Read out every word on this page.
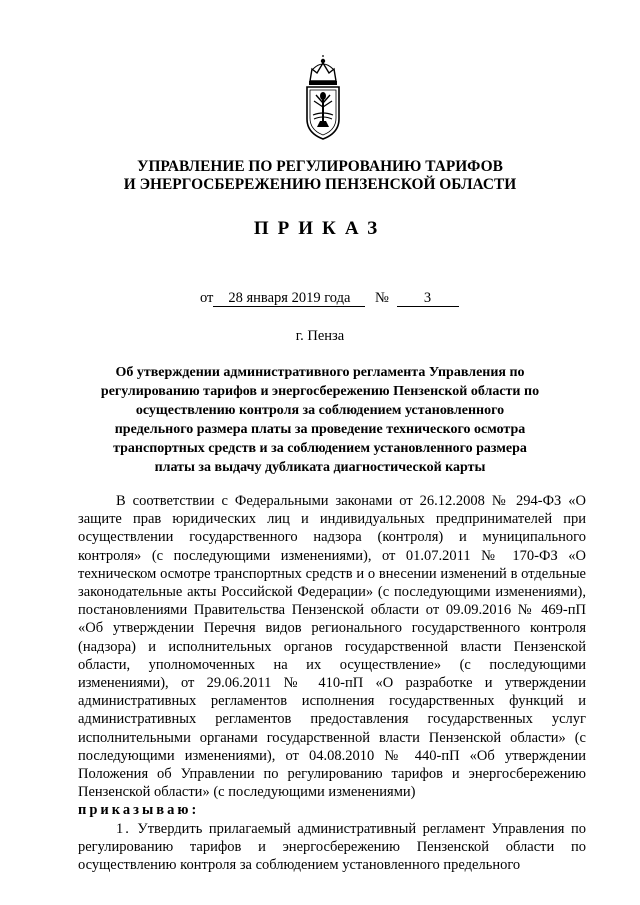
УПРАВЛЕНИЕ ПО РЕГУЛИРОВАНИЮ ТАРИФОВ
И ЭНЕРГОСБЕРЕЖЕНИЮ ПЕНЗЕНСКОЙ ОБЛАСТИ
ПРИКАЗ
от 28 января 2019 года № 3
г. Пенза
Об утверждении административного регламента Управления по регулированию тарифов и энергосбережению Пензенской области по осуществлению контроля за соблюдением установленного предельного размера платы за проведение технического осмотра транспортных средств и за соблюдением установленного размера платы за выдачу дубликата диагностической карты

В соответствии с Федеральными законами от 26.12.2008 № 294-ФЗ «О защите прав юридических лиц и индивидуальных предпринимателей при осуществлении государственного надзора (контроля) и муниципального контроля» (с последующими изменениями), от 01.07.2011 № 170-ФЗ «О техническом осмотре транспортных средств и о внесении изменений в отдельные законодательные акты Российской Федерации» (с последующими изменениями), постановлениями Правительства Пензенской области от 09.09.2016 № 469-пП «Об утверждении Перечня видов регионального государственного контроля (надзора) и исполнительных органов государственной власти Пензенской области, уполномоченных на их осуществление» (с последующими изменениями), от 29.06.2011 № 410-пП «О разработке и утверждении административных регламентов исполнения государственных функций и административных регламентов предоставления государственных услуг исполнительными органами государственной власти Пензенской области» (с последующими изменениями), от 04.08.2010 № 440-пП «Об утверждении Положения об Управлении по регулированию тарифов и энергосбережению Пензенской области» (с последующими изменениями)

приказываю:

1. Утвердить прилагаемый административный регламент Управления по регулированию тарифов и энергосбережению Пензенской области по осуществлению контроля за соблюдением установленного предельного
